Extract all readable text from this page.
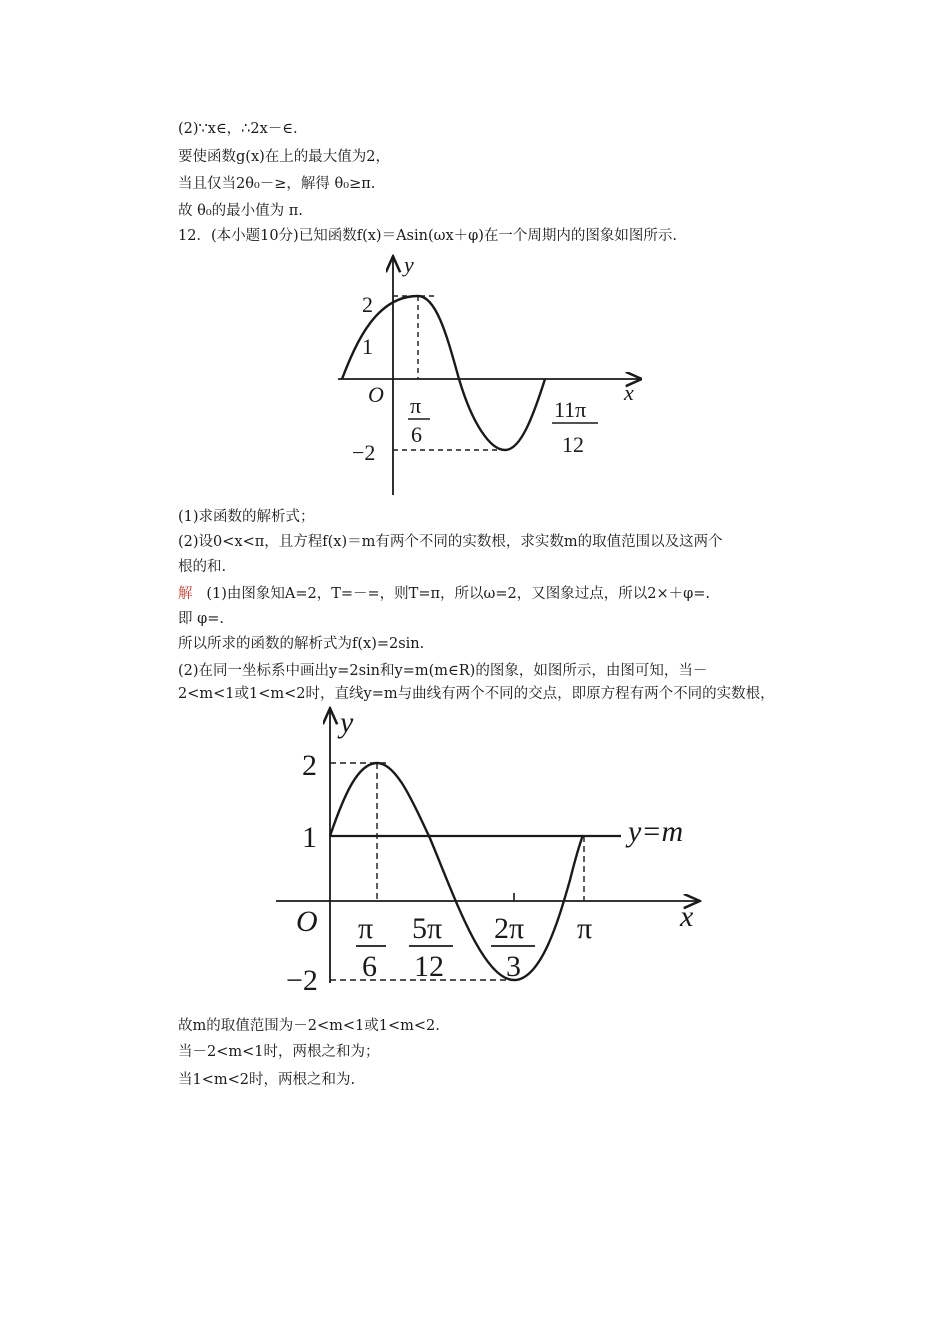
(2)∵x∈，∴2x－∈.
要使函数g(x)在上的最大值为2，
当且仅当2θ₀－≥，解得 θ₀≥π.
故 θ₀的最小值为 π.
12．(本小题10分)已知函数f(x)＝Asin(ωx＋φ)在一个周期内的图象如图所示.
y
x
O
2
1
−2
π
6
11π
12
(1)求函数的解析式；
(2)设0<x<π，且方程f(x)＝m有两个不同的实数根，求实数m的取值范围以及这两个
根的和.
解 (1)由图象知A=2，T=－=，则T=π，所以ω=2，又图象过点，所以2×＋φ=.
即 φ=.
所以所求的函数的解析式为f(x)=2sin.
(2)在同一坐标系中画出y=2sin和y=m(m∈R)的图象，如图所示，由图可知，当－
2<m<1或1<m<2时，直线y=m与曲线有两个不同的交点，即原方程有两个不同的实数根，
y
x
O
2
1
−2
y=m
π
6
5π
12
2π
3
π
故m的取值范围为－2<m<1或1<m<2.
当－2<m<1时，两根之和为；
当1<m<2时，两根之和为.
